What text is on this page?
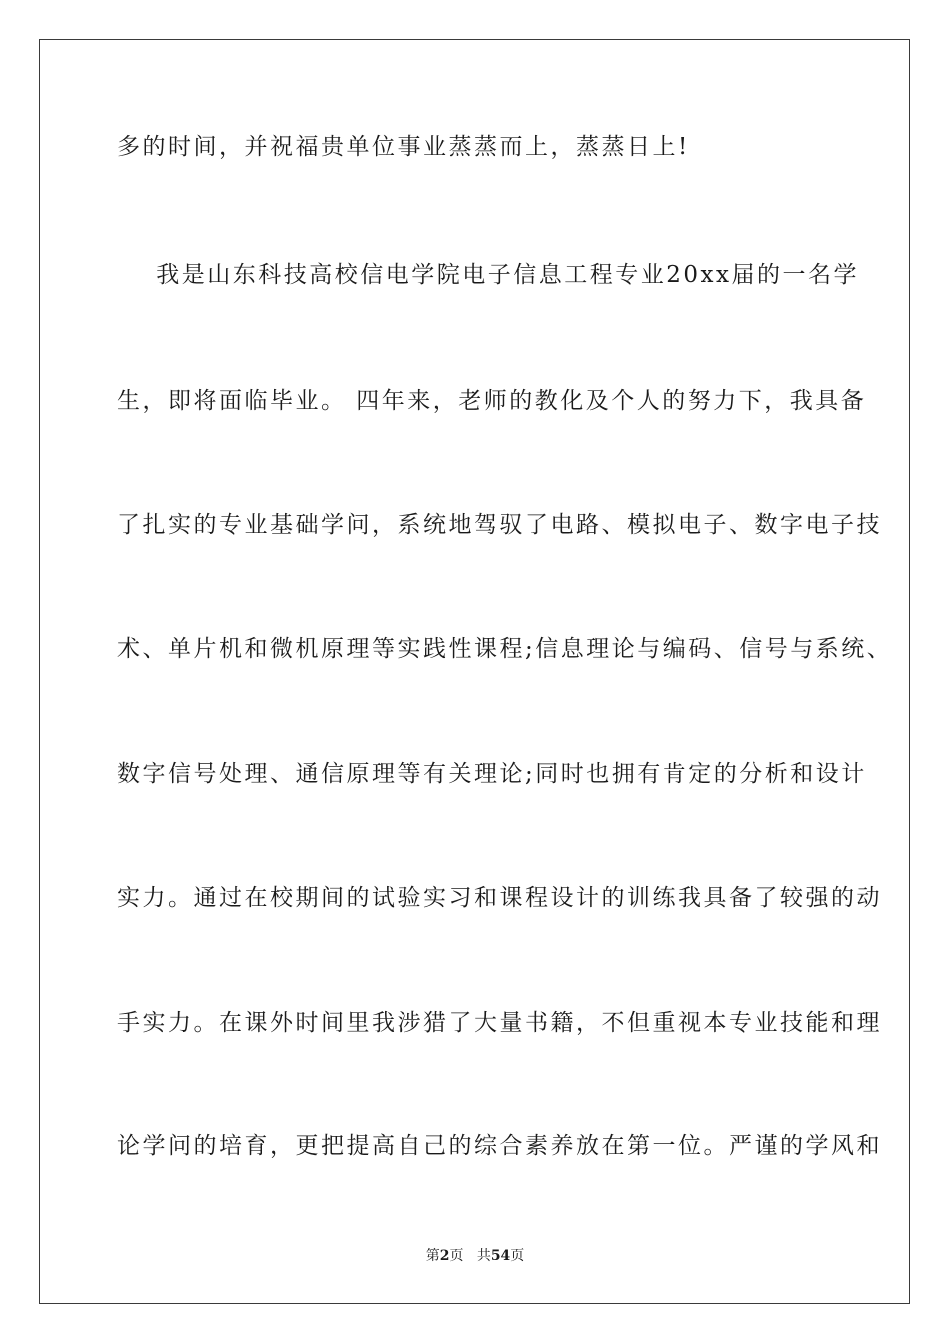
多的时间，并祝福贵单位事业蒸蒸而上，蒸蒸日上!
我是山东科技高校信电学院电子信息工程专业20xx届的一名学
生，即将面临毕业。 四年来，老师的教化及个人的努力下，我具备
了扎实的专业基础学问，系统地驾驭了电路、模拟电子、数字电子技
术、单片机和微机原理等实践性课程;信息理论与编码、信号与系统、
数字信号处理、通信原理等有关理论;同时也拥有肯定的分析和设计
实力。通过在校期间的试验实习和课程设计的训练我具备了较强的动
手实力。在课外时间里我涉猎了大量书籍，不但重视本专业技能和理
论学问的培育，更把提高自己的综合素养放在第一位。严谨的学风和
第2页 共54页
